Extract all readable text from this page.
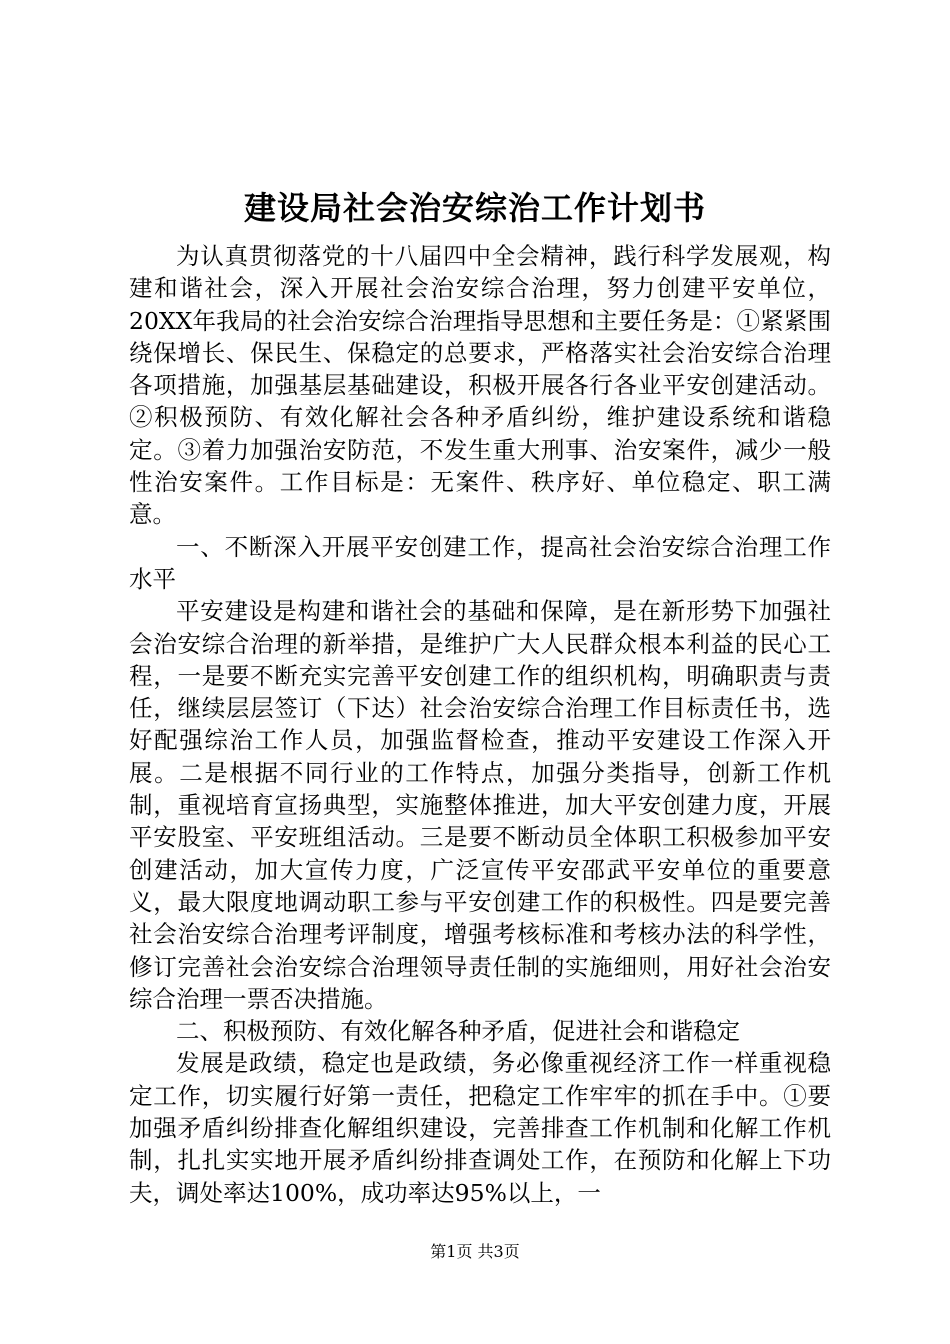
建设局社会治安综治工作计划书

为认真贯彻落党的十八届四中全会精神，践行科学发展观，构建和谐社会，深入开展社会治安综合治理，努力创建平安单位，20XX年我局的社会治安综合治理指导思想和主要任务是：①紧紧围绕保增长、保民生、保稳定的总要求，严格落实社会治安综合治理各项措施，加强基层基础建设，积极开展各行各业平安创建活动。②积极预防、有效化解社会各种矛盾纠纷，维护建设系统和谐稳定。③着力加强治安防范，不发生重大刑事、治安案件，减少一般性治安案件。工作目标是：无案件、秩序好、单位稳定、职工满意。

一、不断深入开展平安创建工作，提高社会治安综合治理工作水平

平安建设是构建和谐社会的基础和保障，是在新形势下加强社会治安综合治理的新举措，是维护广大人民群众根本利益的民心工程，一是要不断充实完善平安创建工作的组织机构，明确职责与责任，继续层层签订（下达）社会治安综合治理工作目标责任书，选好配强综治工作人员，加强监督检查，推动平安建设工作深入开展。二是根据不同行业的工作特点，加强分类指导，创新工作机制，重视培育宣扬典型，实施整体推进，加大平安创建力度，开展平安股室、平安班组活动。三是要不断动员全体职工积极参加平安创建活动，加大宣传力度，广泛宣传平安邵武平安单位的重要意义，最大限度地调动职工参与平安创建工作的积极性。四是要完善社会治安综合治理考评制度，增强考核标准和考核办法的科学性，修订完善社会治安综合治理领导责任制的实施细则，用好社会治安综合治理一票否决措施。

二、积极预防、有效化解各种矛盾，促进社会和谐稳定

发展是政绩，稳定也是政绩，务必像重视经济工作一样重视稳定工作，切实履行好第一责任，把稳定工作牢牢的抓在手中。①要加强矛盾纠纷排查化解组织建设，完善排查工作机制和化解工作机制，扎扎实实地开展矛盾纠纷排查调处工作，在预防和化解上下功夫，调处率达100%，成功率达95%以上，一

第1页 共3页
